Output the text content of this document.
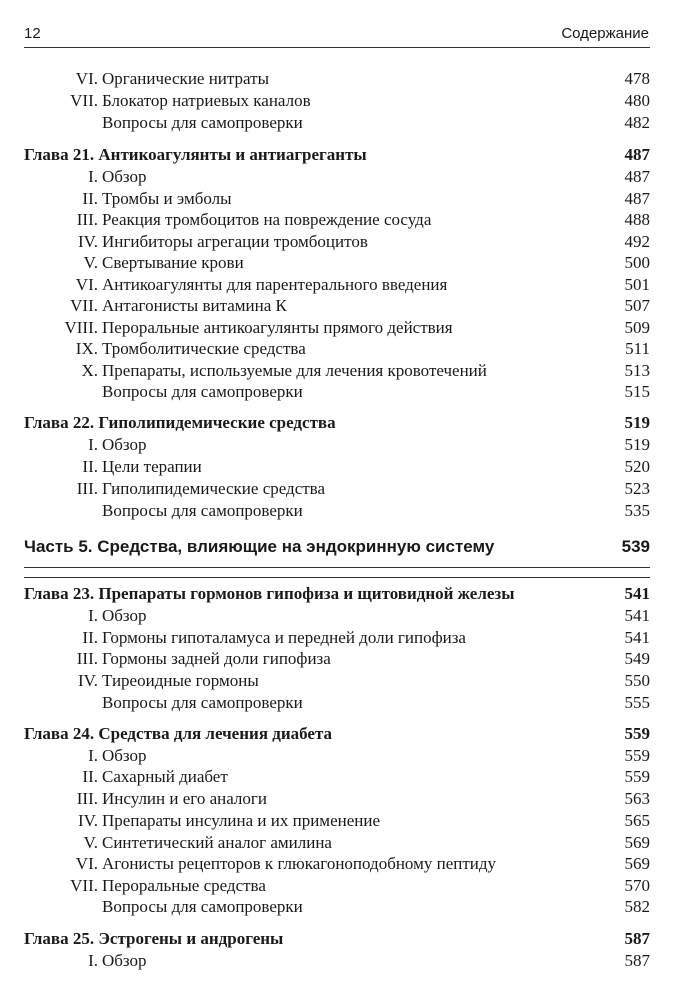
12	Содержание
VI. Органические нитраты	478
VII. Блокатор натриевых каналов	480
Вопросы для самопроверки	482
Глава 21. Антикоагулянты и антиагреганты	487
I. Обзор	487
II. Тромбы и эмболы	487
III. Реакция тромбоцитов на повреждение сосуда	488
IV. Ингибиторы агрегации тромбоцитов	492
V. Свертывание крови	500
VI. Антикоагулянты для парентерального введения	501
VII. Антагонисты витамина К	507
VIII. Пероральные антикоагулянты прямого действия	509
IX. Тромболитические средства	511
X. Препараты, используемые для лечения кровотечений	513
Вопросы для самопроверки	515
Глава 22. Гиполипидемические средства	519
I. Обзор	519
II. Цели терапии	520
III. Гиполипидемические средства	523
Вопросы для самопроверки	535
Часть 5. Средства, влияющие на эндокринную систему	539
Глава 23. Препараты гормонов гипофиза и щитовидной железы	541
I. Обзор	541
II. Гормоны гипоталамуса и передней доли гипофиза	541
III. Гормоны задней доли гипофиза	549
IV. Тиреоидные гормоны	550
Вопросы для самопроверки	555
Глава 24. Средства для лечения диабета	559
I. Обзор	559
II. Сахарный диабет	559
III. Инсулин и его аналоги	563
IV. Препараты инсулина и их применение	565
V. Синтетический аналог амилина	569
VI. Агонисты рецепторов к глюкагоноподобному пептиду	569
VII. Пероральные средства	570
Вопросы для самопроверки	582
Глава 25. Эстрогены и андрогены	587
I. Обзор	587
